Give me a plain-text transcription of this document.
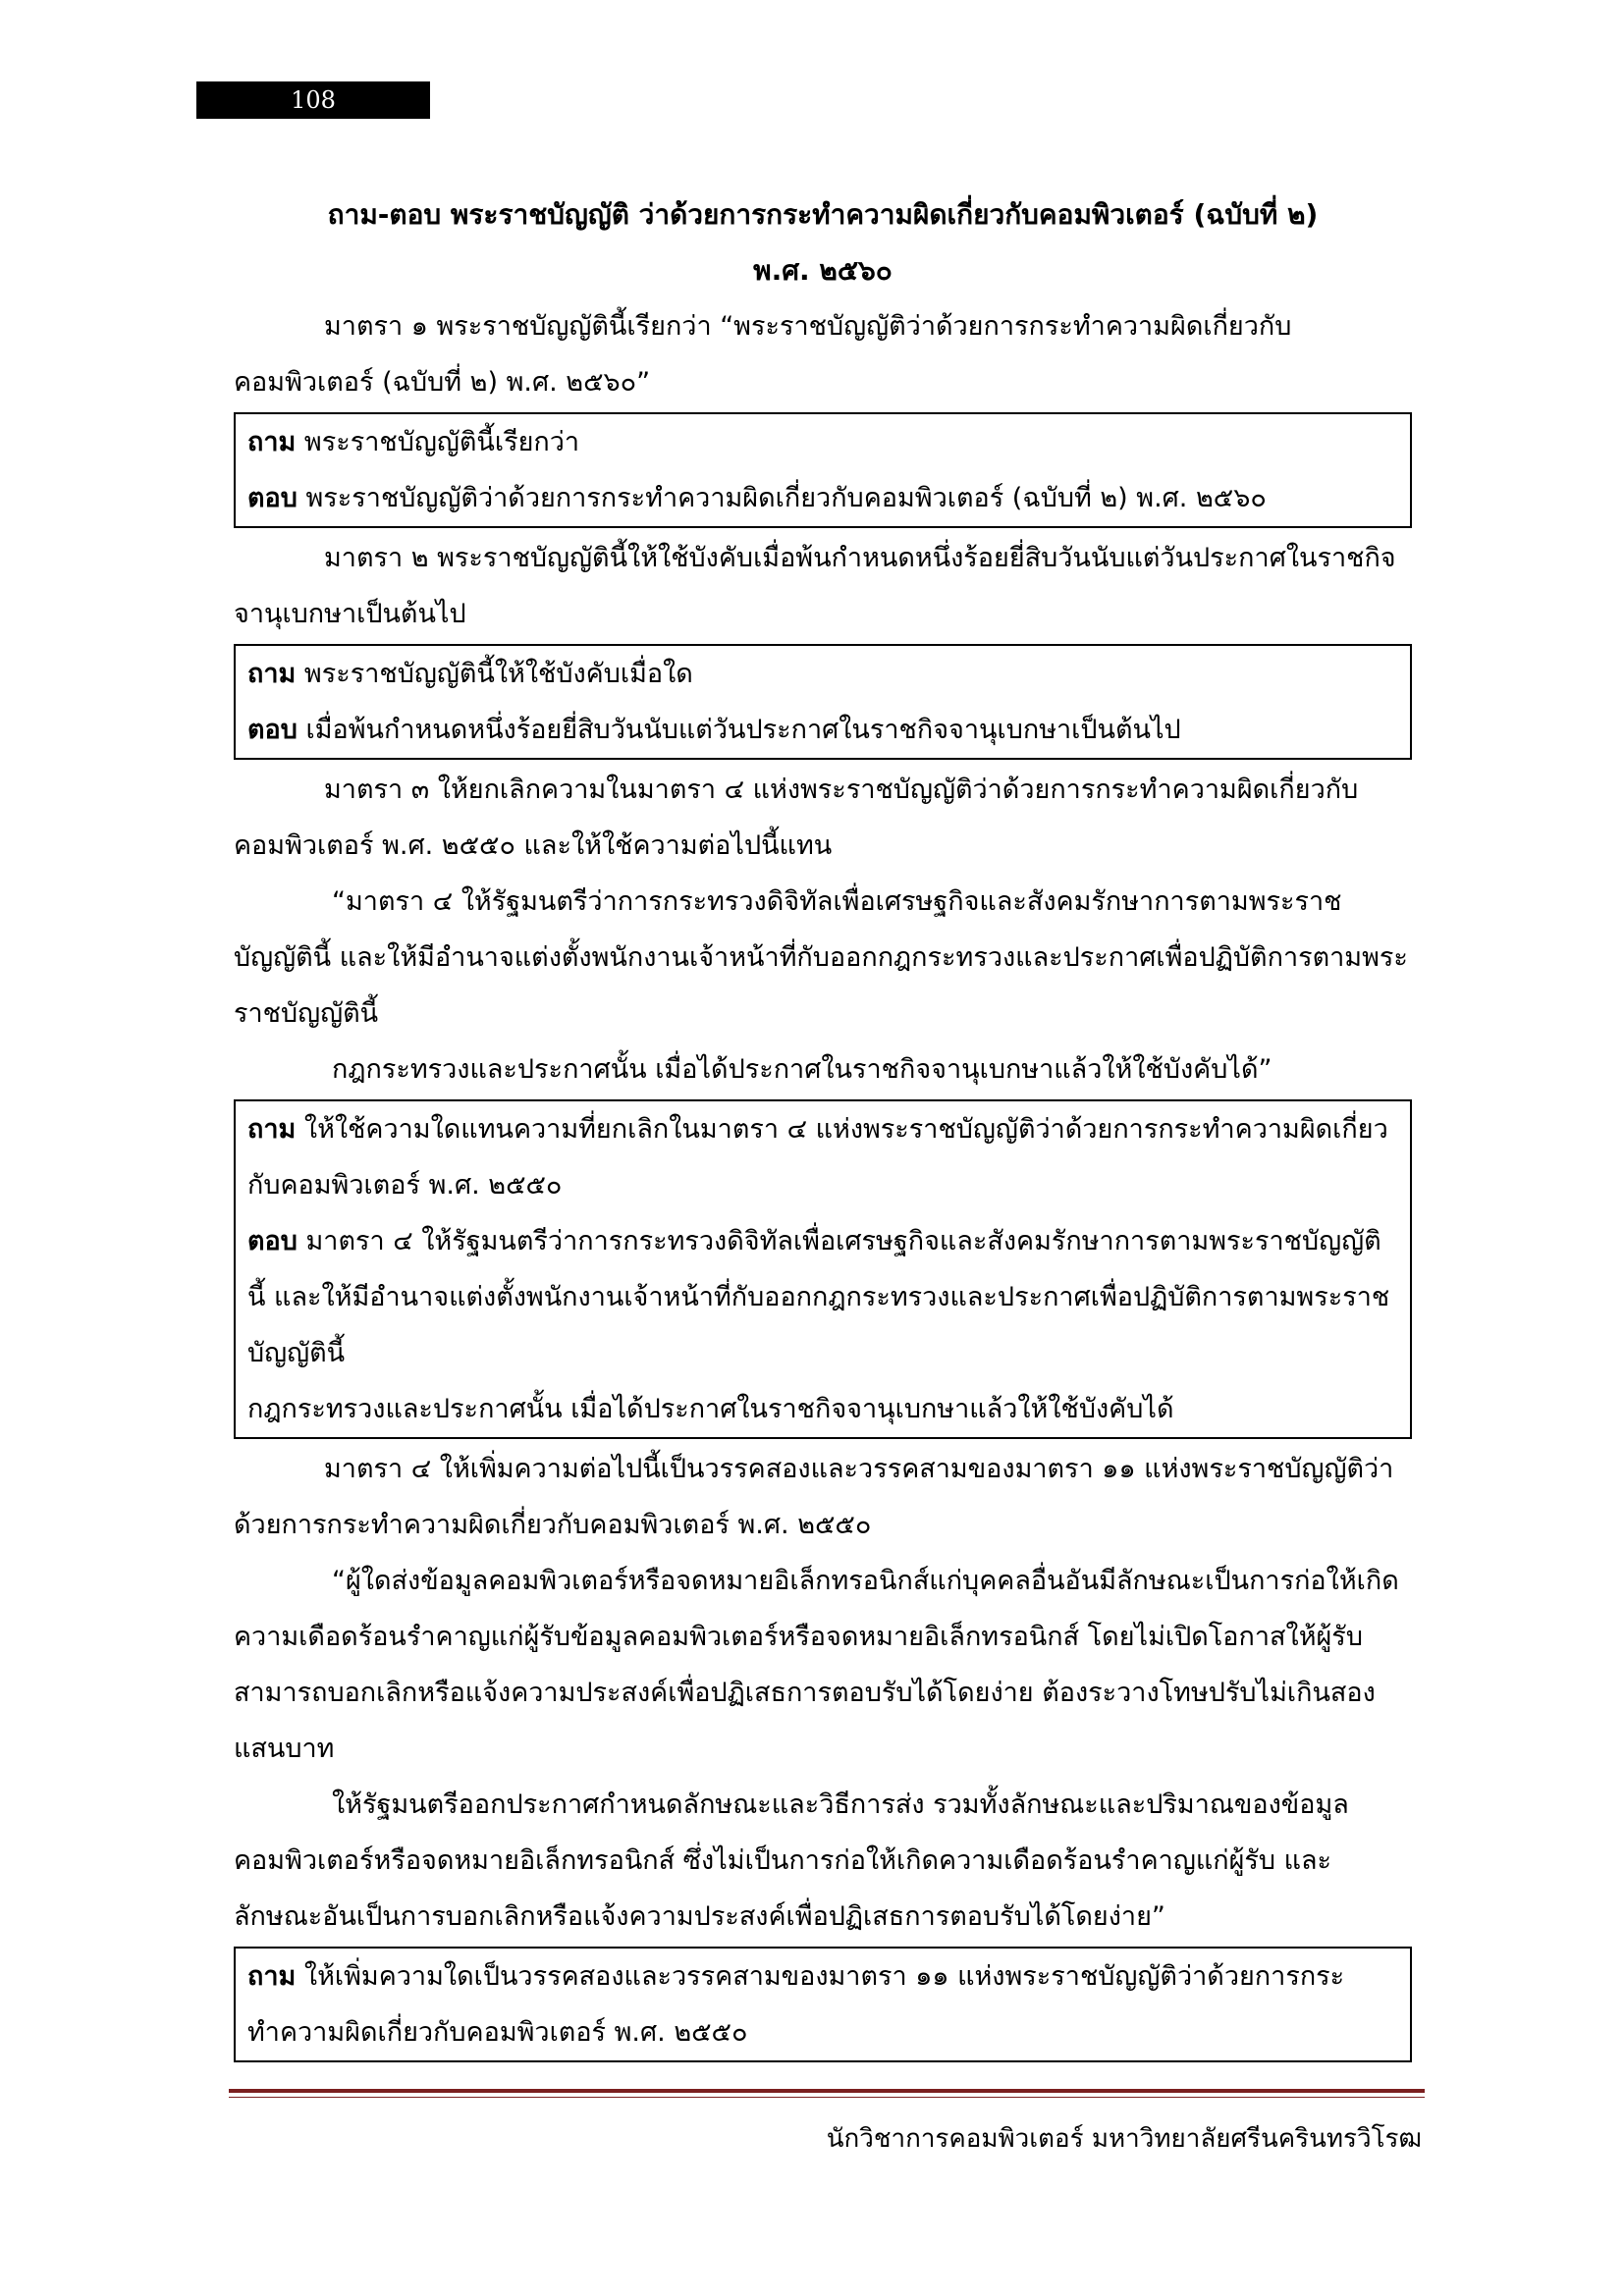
108

ถาม-ตอบ พระราชบัญญัติ ว่าด้วยการกระทำความผิดเกี่ยวกับคอมพิวเตอร์ (ฉบับที่ ๒)

พ.ศ. ๒๕๖๐

มาตรา ๑ พระราชบัญญัตินี้เรียกว่า “พระราชบัญญัติว่าด้วยการกระทำความผิดเกี่ยวกับคอมพิวเตอร์ (ฉบับที่ ๒) พ.ศ. ๒๕๖๐”

ถาม พระราชบัญญัตินี้เรียกว่า
ตอบ พระราชบัญญัติว่าด้วยการกระทำความผิดเกี่ยวกับคอมพิวเตอร์ (ฉบับที่ ๒) พ.ศ. ๒๕๖๐

มาตรา ๒ พระราชบัญญัตินี้ให้ใช้บังคับเมื่อพ้นกำหนดหนึ่งร้อยยี่สิบวันนับแต่วันประกาศในราชกิจจานุเบกษาเป็นต้นไป

ถาม พระราชบัญญัตินี้ให้ใช้บังคับเมื่อใด
ตอบ เมื่อพ้นกำหนดหนึ่งร้อยยี่สิบวันนับแต่วันประกาศในราชกิจจานุเบกษาเป็นต้นไป

มาตรา ๓ ให้ยกเลิกความในมาตรา ๔ แห่งพระราชบัญญัติว่าด้วยการกระทำความผิดเกี่ยวกับคอมพิวเตอร์ พ.ศ. ๒๕๕๐ และให้ใช้ความต่อไปนี้แทน

“มาตรา ๔ ให้รัฐมนตรีว่าการกระทรวงดิจิทัลเพื่อเศรษฐกิจและสังคมรักษาการตามพระราชบัญญัตินี้ และให้มีอำนาจแต่งตั้งพนักงานเจ้าหน้าที่กับออกกฎกระทรวงและประกาศเพื่อปฏิบัติการตามพระราชบัญญัตินี้

กฎกระทรวงและประกาศนั้น เมื่อได้ประกาศในราชกิจจานุเบกษาแล้วให้ใช้บังคับได้”

ถาม ให้ใช้ความใดแทนความที่ยกเลิกในมาตรา ๔ แห่งพระราชบัญญัติว่าด้วยการกระทำความผิดเกี่ยวกับคอมพิวเตอร์ พ.ศ. ๒๕๕๐
ตอบ มาตรา ๔ ให้รัฐมนตรีว่าการกระทรวงดิจิทัลเพื่อเศรษฐกิจและสังคมรักษาการตามพระราชบัญญัตินี้ และให้มีอำนาจแต่งตั้งพนักงานเจ้าหน้าที่กับออกกฎกระทรวงและประกาศเพื่อปฏิบัติการตามพระราชบัญญัตินี้
กฎกระทรวงและประกาศนั้น เมื่อได้ประกาศในราชกิจจานุเบกษาแล้วให้ใช้บังคับได้

มาตรา ๔ ให้เพิ่มความต่อไปนี้เป็นวรรคสองและวรรคสามของมาตรา ๑๑ แห่งพระราชบัญญัติว่าด้วยการกระทำความผิดเกี่ยวกับคอมพิวเตอร์ พ.ศ. ๒๕๕๐

“ผู้ใดส่งข้อมูลคอมพิวเตอร์หรือจดหมายอิเล็กทรอนิกส์แก่บุคคลอื่นอันมีลักษณะเป็นการก่อให้เกิดความเดือดร้อนรำคาญแก่ผู้รับข้อมูลคอมพิวเตอร์หรือจดหมายอิเล็กทรอนิกส์ โดยไม่เปิดโอกาสให้ผู้รับสามารถบอกเลิกหรือแจ้งความประสงค์เพื่อปฏิเสธการตอบรับได้โดยง่าย ต้องระวางโทษปรับไม่เกินสองแสนบาท

ให้รัฐมนตรีออกประกาศกำหนดลักษณะและวิธีการส่ง รวมทั้งลักษณะและปริมาณของข้อมูลคอมพิวเตอร์หรือจดหมายอิเล็กทรอนิกส์ ซึ่งไม่เป็นการก่อให้เกิดความเดือดร้อนรำคาญแก่ผู้รับ และลักษณะอันเป็นการบอกเลิกหรือแจ้งความประสงค์เพื่อปฏิเสธการตอบรับได้โดยง่าย”

ถาม ให้เพิ่มความใดเป็นวรรคสองและวรรคสามของมาตรา ๑๑ แห่งพระราชบัญญัติว่าด้วยการกระทำความผิดเกี่ยวกับคอมพิวเตอร์ พ.ศ. ๒๕๕๐
นักวิชาการคอมพิวเตอร์ มหาวิทยาลัยศรีนครินทรวิโรฒ
